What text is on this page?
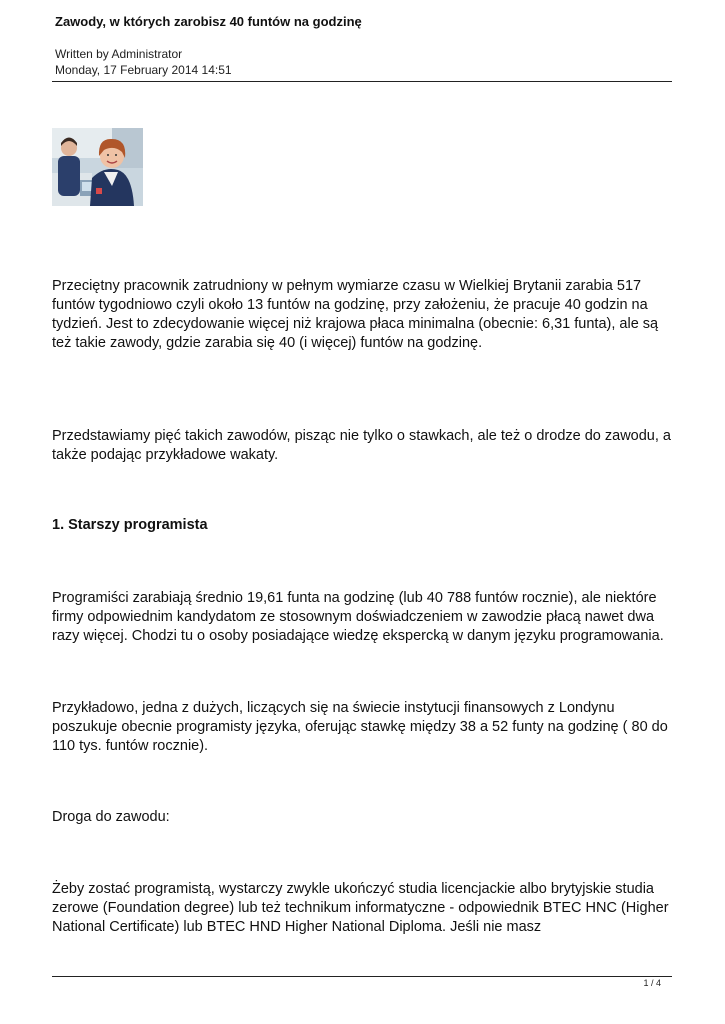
Zawody, w których zarobisz 40 funtów na godzinę
Written by Administrator
Monday, 17 February 2014 14:51

Przeciętny pracownik zatrudniony w pełnym wymiarze czasu w Wielkiej Brytanii zarabia 517 funtów tygodniowo czyli około 13 funtów na godzinę, przy założeniu, że pracuje 40 godzin na tydzień. Jest to zdecydowanie więcej niż krajowa płaca minimalna (obecnie: 6,31 funta), ale są też takie zawody, gdzie zarabia się 40 (i więcej) funtów na godzinę.

Przedstawiamy pięć takich zawodów, pisząc nie tylko o stawkach, ale też o drodze do zawodu, a także podając przykładowe wakaty.

1. Starszy programista

Programiści zarabiają średnio 19,61 funta na godzinę (lub 40 788 funtów rocznie), ale niektóre firmy odpowiednim kandydatom ze stosownym doświadczeniem w zawodzie płacą nawet dwa razy więcej. Chodzi tu o osoby posiadające wiedzę ekspercką w danym języku programowania.

Przykładowo, jedna z dużych, liczących się na świecie instytucji finansowych z Londynu poszukuje obecnie programisty języka, oferując stawkę między 38 a 52 funty na godzinę ( 80 do 110 tys. funtów rocznie).

Droga do zawodu:

Żeby zostać programistą, wystarczy zwykle ukończyć studia licencjackie albo brytyjskie studia zerowe (Foundation degree) lub też technikum informatyczne - odpowiednik BTEC HNC (Higher National Certificate) lub BTEC HND Higher National Diploma. Jeśli nie masz

1 / 4
